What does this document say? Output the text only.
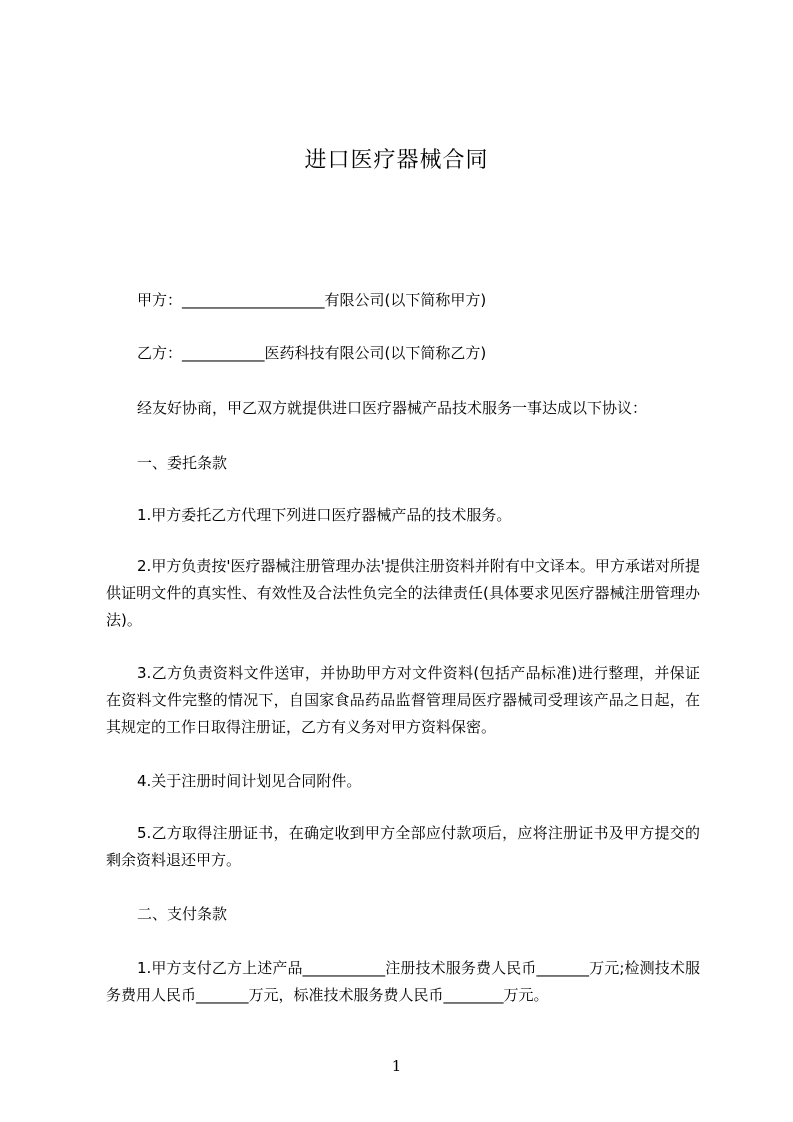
进口医疗器械合同
甲方：___________________有限公司(以下简称甲方)
乙方：___________医药科技有限公司(以下简称乙方)
经友好协商，甲乙双方就提供进口医疗器械产品技术服务一事达成以下协议：
一、委托条款
1.甲方委托乙方代理下列进口医疗器械产品的技术服务。
2.甲方负责按'医疗器械注册管理办法'提供注册资料并附有中文译本。甲方承诺对所提供证明文件的真实性、有效性及合法性负完全的法律责任(具体要求见医疗器械注册管理办法)。
3.乙方负责资料文件送审，并协助甲方对文件资料(包括产品标准)进行整理，并保证在资料文件完整的情况下，自国家食品药品监督管理局医疗器械司受理该产品之日起，在其规定的工作日取得注册证，乙方有义务对甲方资料保密。
4.关于注册时间计划见合同附件。
5.乙方取得注册证书，在确定收到甲方全部应付款项后，应将注册证书及甲方提交的剩余资料退还甲方。
二、支付条款
1.甲方支付乙方上述产品___________注册技术服务费人民币_______万元;检测技术服务费用人民币_______万元，标准技术服务费人民币________万元。
1
